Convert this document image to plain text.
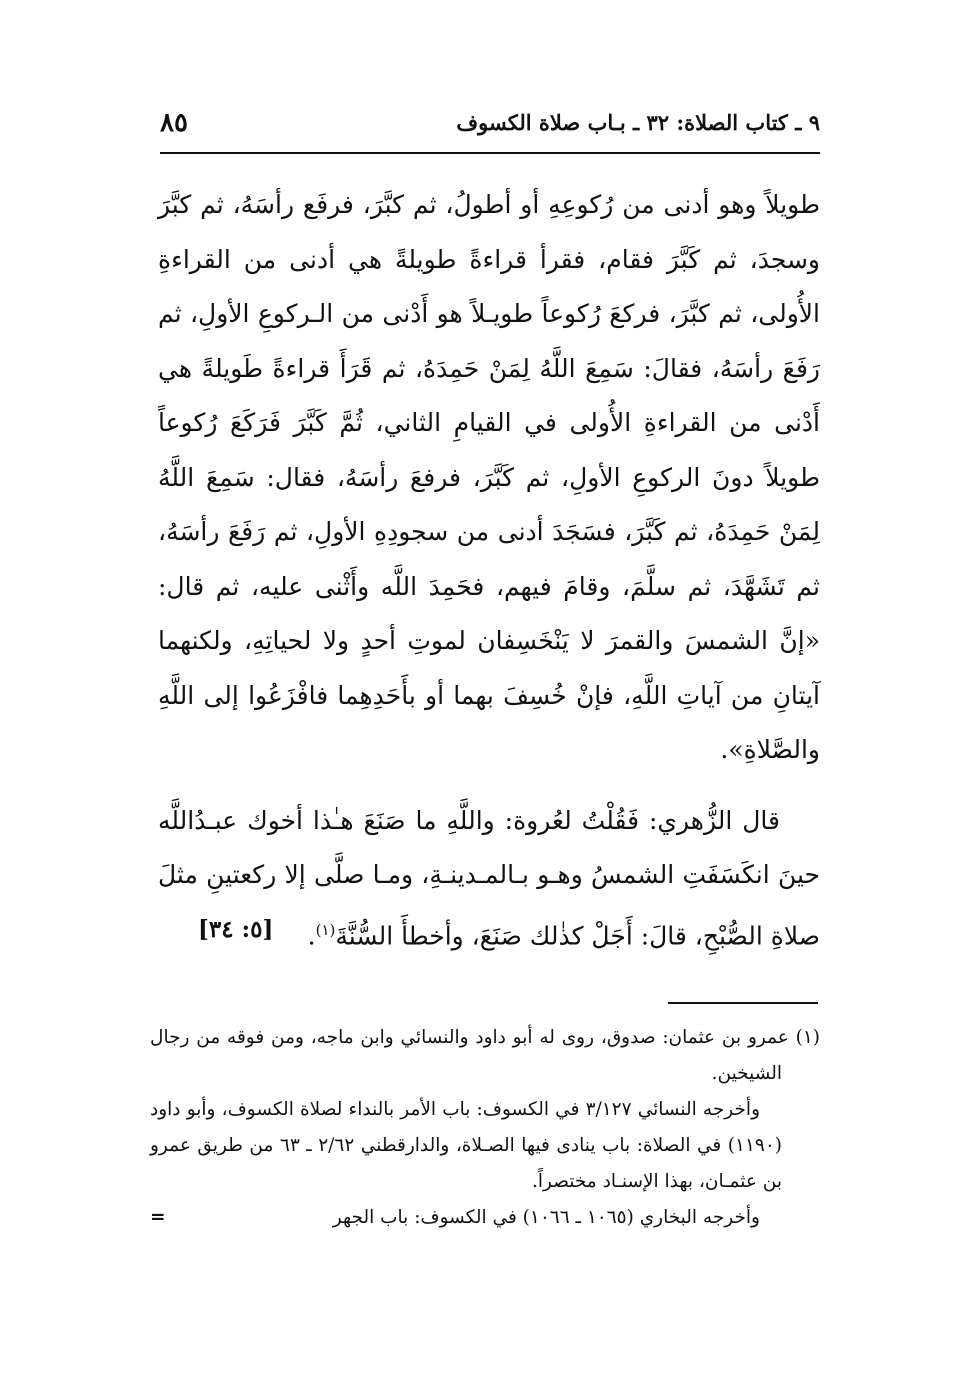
٩ ـ كتاب الصلاة: ٣٢ ـ بـاب صلاة الكسوف
٨٥

طويلاً وهو أدنى من رُكوعِهِ أو أطولُ، ثم كبَّرَ، فرفَع رأسَهُ، ثم كبَّرَ وسجدَ، ثم كَبَّرَ فقام، فقرأ قراءةً طويلةً هي أدنى من القراءةِ الأُولى، ثم كبَّرَ، فركعَ رُكوعاً طويـلاً هو أَدْنى من الـركوعِ الأولِ، ثم رَفَعَ رأسَهُ، فقالَ: سَمِعَ اللَّهُ لِمَنْ حَمِدَهُ، ثم قَرَأَ قراءةً طَويلةً هي أَدْنى من القراءةِ الأُولى في القيامِ الثاني، ثُمَّ كَبَّرَ فَرَكَعَ رُكوعاً طويلاً دونَ الركوعِ الأولِ، ثم كَبَّرَ، فرفعَ رأسَهُ، فقال: سَمِعَ اللَّهُ لِمَنْ حَمِدَهُ، ثم كَبَّرَ، فسَجَدَ أدنى من سجودِهِ الأولِ، ثم رَفَعَ رأسَهُ، ثم تَشَهَّدَ، ثم سلَّمَ، وقامَ فيهم، فحَمِدَ اللَّه وأَثْنى عليه، ثم قال: «إنَّ الشمسَ والقمرَ لا يَنْخَسِفان لموتِ أحدٍ ولا لحياتِهِ، ولكنهما آيتانِ من آياتِ اللَّهِ، فإنْ خُسِفَ بهما أو بأَحَدِهِما فافْزَعُوا إلى اللَّهِ والصَّلاةِ».

قال الزُّهري: فَقُلْتُ لعُروة: واللَّهِ ما صَنَعَ هـٰذا أخوك عبـدُاللَّه حينَ انكَسَفَتِ الشمسُ وهـو بـالمـدينـةِ، ومـا صلَّى إلا ركعتينِ مثلَ صلاةِ الصُّبْحِ، قالَ: أَجَلْ كذٰلك صَنَعَ، وأخطأَ السُّنَّةَ$^{(١)}$.
[٥: ٣٤]

(١) عمرو بن عثمان: صدوق، روى له أبو داود والنسائي وابن ماجه، ومن فوقه من رجال الشيخين.

وأخرجه النسائي ٣/١٢٧ في الكسوف: باب الأمر بالنداء لصلاة الكسوف، وأبو داود (١١٩٠) في الصلاة: باب ينادى فيها الصـلاة، والدارقطني ٢/٦٢ ـ ٦٣ من طريق عمرو بن عثمـان، بهذا الإسنـاد مختصراً.

وأخرجه البخاري (١٠٦٥ ـ ١٠٦٦) في الكسوف: باب الجهر
=
